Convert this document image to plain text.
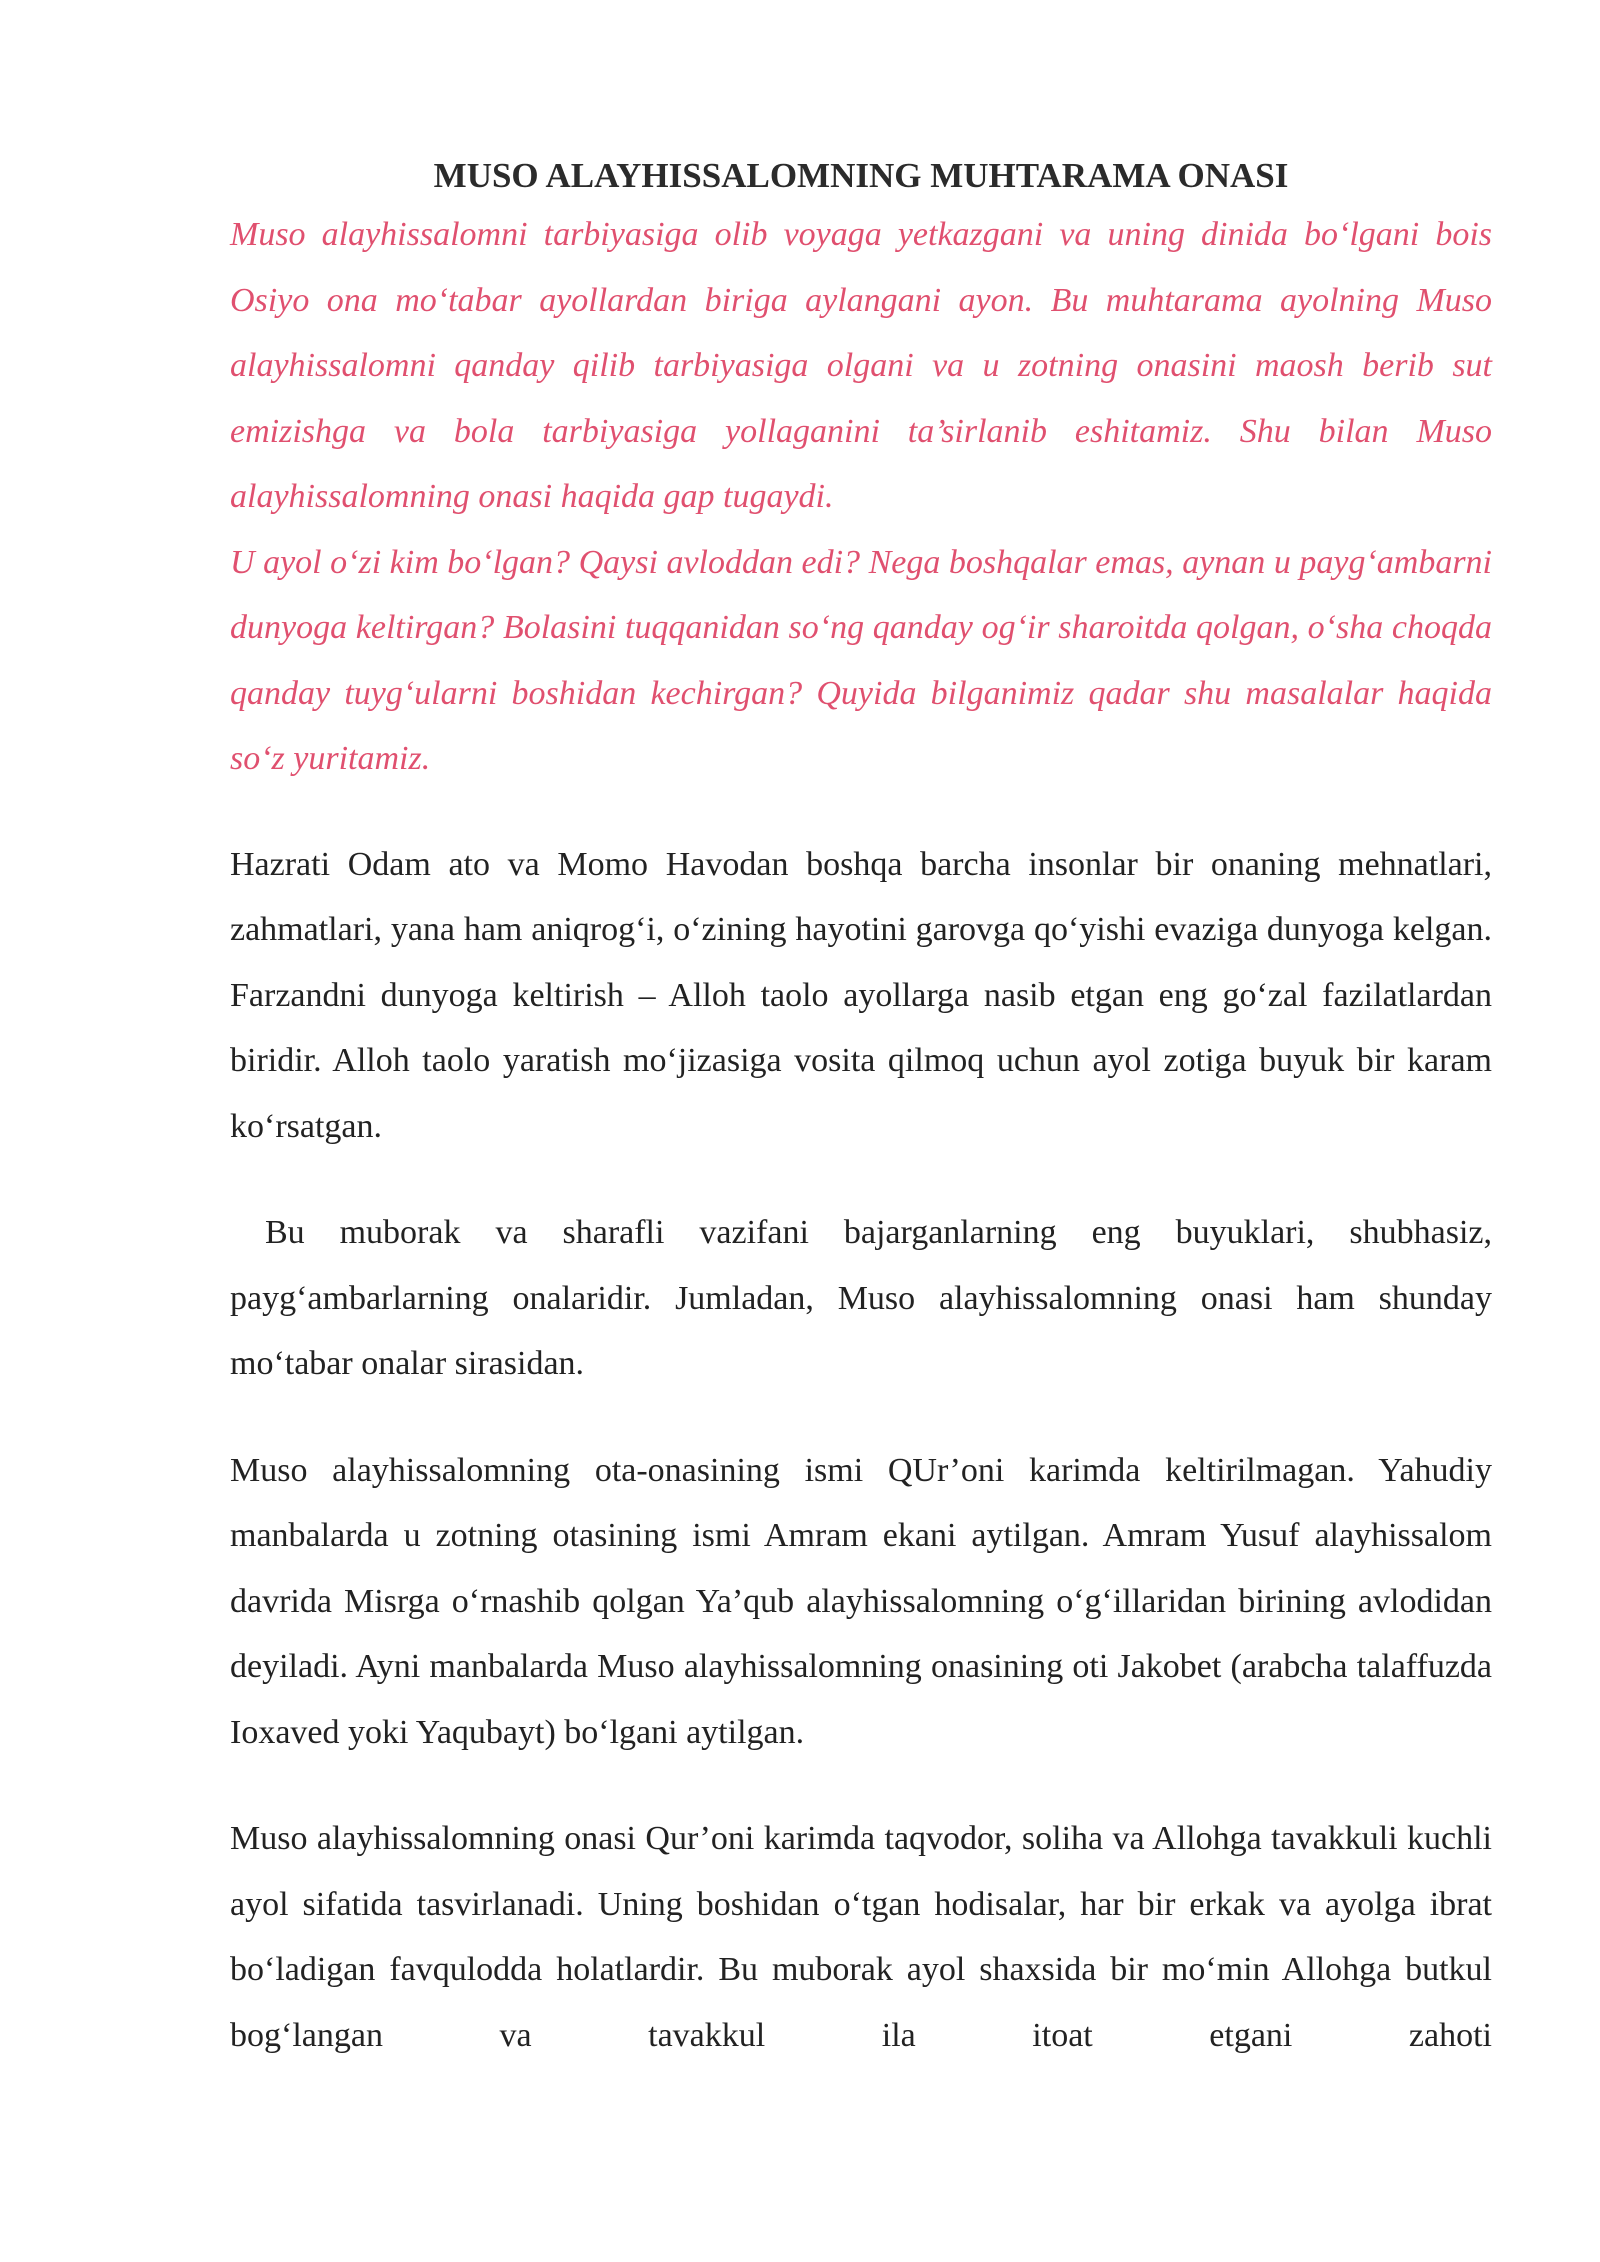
MUSO ALAYHISSALOMNING MUHTARAMA ONASI

Muso alayhissalomni tarbiyasiga olib voyaga yetkazgani va uning dinida bo‘lgani bois Osiyo ona mo‘tabar ayollardan biriga aylangani ayon. Bu muhtarama ayolning Muso alayhissalomni qanday qilib tarbiyasiga olgani va u zotning onasini maosh berib sut emizishga va bola tarbiyasiga yollaganini ta’sirlanib eshitamiz. Shu bilan Muso alayhissalomning onasi haqida gap tugaydi.

U ayol o‘zi kim bo‘lgan? Qaysi avloddan edi? Nega boshqalar emas, aynan u payg‘ambarni dunyoga keltirgan? Bolasini tuqqanidan so‘ng qanday og‘ir sharoitda qolgan, o‘sha choqda qanday tuyg‘ularni boshidan kechirgan? Quyida bilganimiz qadar shu masalalar haqida so‘z yuritamiz.

Hazrati Odam ato va Momo Havodan boshqa barcha insonlar bir onaning mehnatlari, zahmatlari, yana ham aniqrog‘i, o‘zining hayotini garovga qo‘yishi evaziga dunyoga kelgan. Farzandni dunyoga keltirish – Alloh taolo ayollarga nasib etgan eng go‘zal fazilatlardan biridir. Alloh taolo yaratish mo‘jizasiga vosita qilmoq uchun ayol zotiga buyuk bir karam ko‘rsatgan.

Bu muborak va sharafli vazifani bajarganlarning eng buyuklari, shubhasiz, payg‘ambarlarning onalaridir. Jumladan, Muso alayhissalomning onasi ham shunday mo‘tabar onalar sirasidan.

Muso alayhissalomning ota-onasining ismi QUr’oni karimda keltirilmagan. Yahudiy manbalarda u zotning otasining ismi Amram ekani aytilgan. Amram Yusuf alayhissalom davrida Misrga o‘rnashib qolgan Ya’qub alayhissalomning o‘g‘illaridan birining avlodidan deyiladi. Ayni manbalarda Muso alayhissalomning onasining oti Jakobet (arabcha talaffuzda Ioxaved yoki Yaqubayt) bo‘lgani aytilgan.

Muso alayhissalomning onasi Qur’oni karimda taqvodor, soliha va Allohga tavakkuli kuchli ayol sifatida tasvirlanadi. Uning boshidan o‘tgan hodisalar, har bir erkak va ayolga ibrat bo‘ladigan favqulodda holatlardir. Bu muborak ayol shaxsida bir mo‘min Allohga butkul bog‘langan va tavakkul ila itoat etgani zahoti
